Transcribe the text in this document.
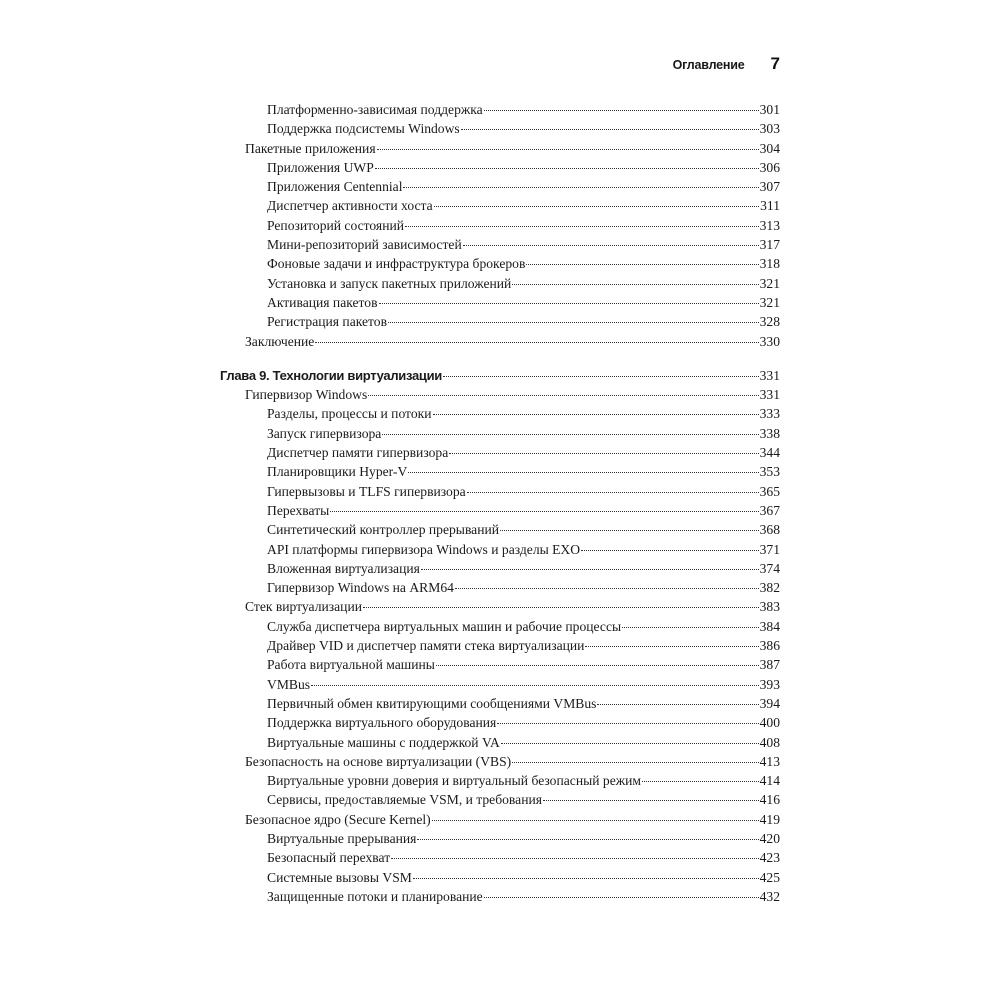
Оглавление 7
Платформенно-зависимая поддержка	301
Поддержка подсистемы Windows	303
Пакетные приложения	304
Приложения UWP	306
Приложения Centennial	307
Диспетчер активности хоста	311
Репозиторий состояний	313
Мини-репозиторий зависимостей	317
Фоновые задачи и инфраструктура брокеров	318
Установка и запуск пакетных приложений	321
Активация пакетов	321
Регистрация пакетов	328
Заключение	330
Глава 9. Технологии виртуализации	331
Гипервизор Windows	331
Разделы, процессы и потоки	333
Запуск гипервизора	338
Диспетчер памяти гипервизора	344
Планировщики Hyper-V	353
Гипервызовы и TLFS гипервизора	365
Перехваты	367
Синтетический контроллер прерываний	368
API платформы гипервизора Windows и разделы EXO	371
Вложенная виртуализация	374
Гипервизор Windows на ARM64	382
Стек виртуализации	383
Служба диспетчера виртуальных машин и рабочие процессы	384
Драйвер VID и диспетчер памяти стека виртуализации	386
Работа виртуальной машины	387
VMBus	393
Первичный обмен квитирующими сообщениями VMBus	394
Поддержка виртуального оборудования	400
Виртуальные машины с поддержкой VA	408
Безопасность на основе виртуализации (VBS)	413
Виртуальные уровни доверия и виртуальный безопасный режим	414
Сервисы, предоставляемые VSM, и требования	416
Безопасное ядро (Secure Kernel)	419
Виртуальные прерывания	420
Безопасный перехват	423
Системные вызовы VSM	425
Защищенные потоки и планирование	432
